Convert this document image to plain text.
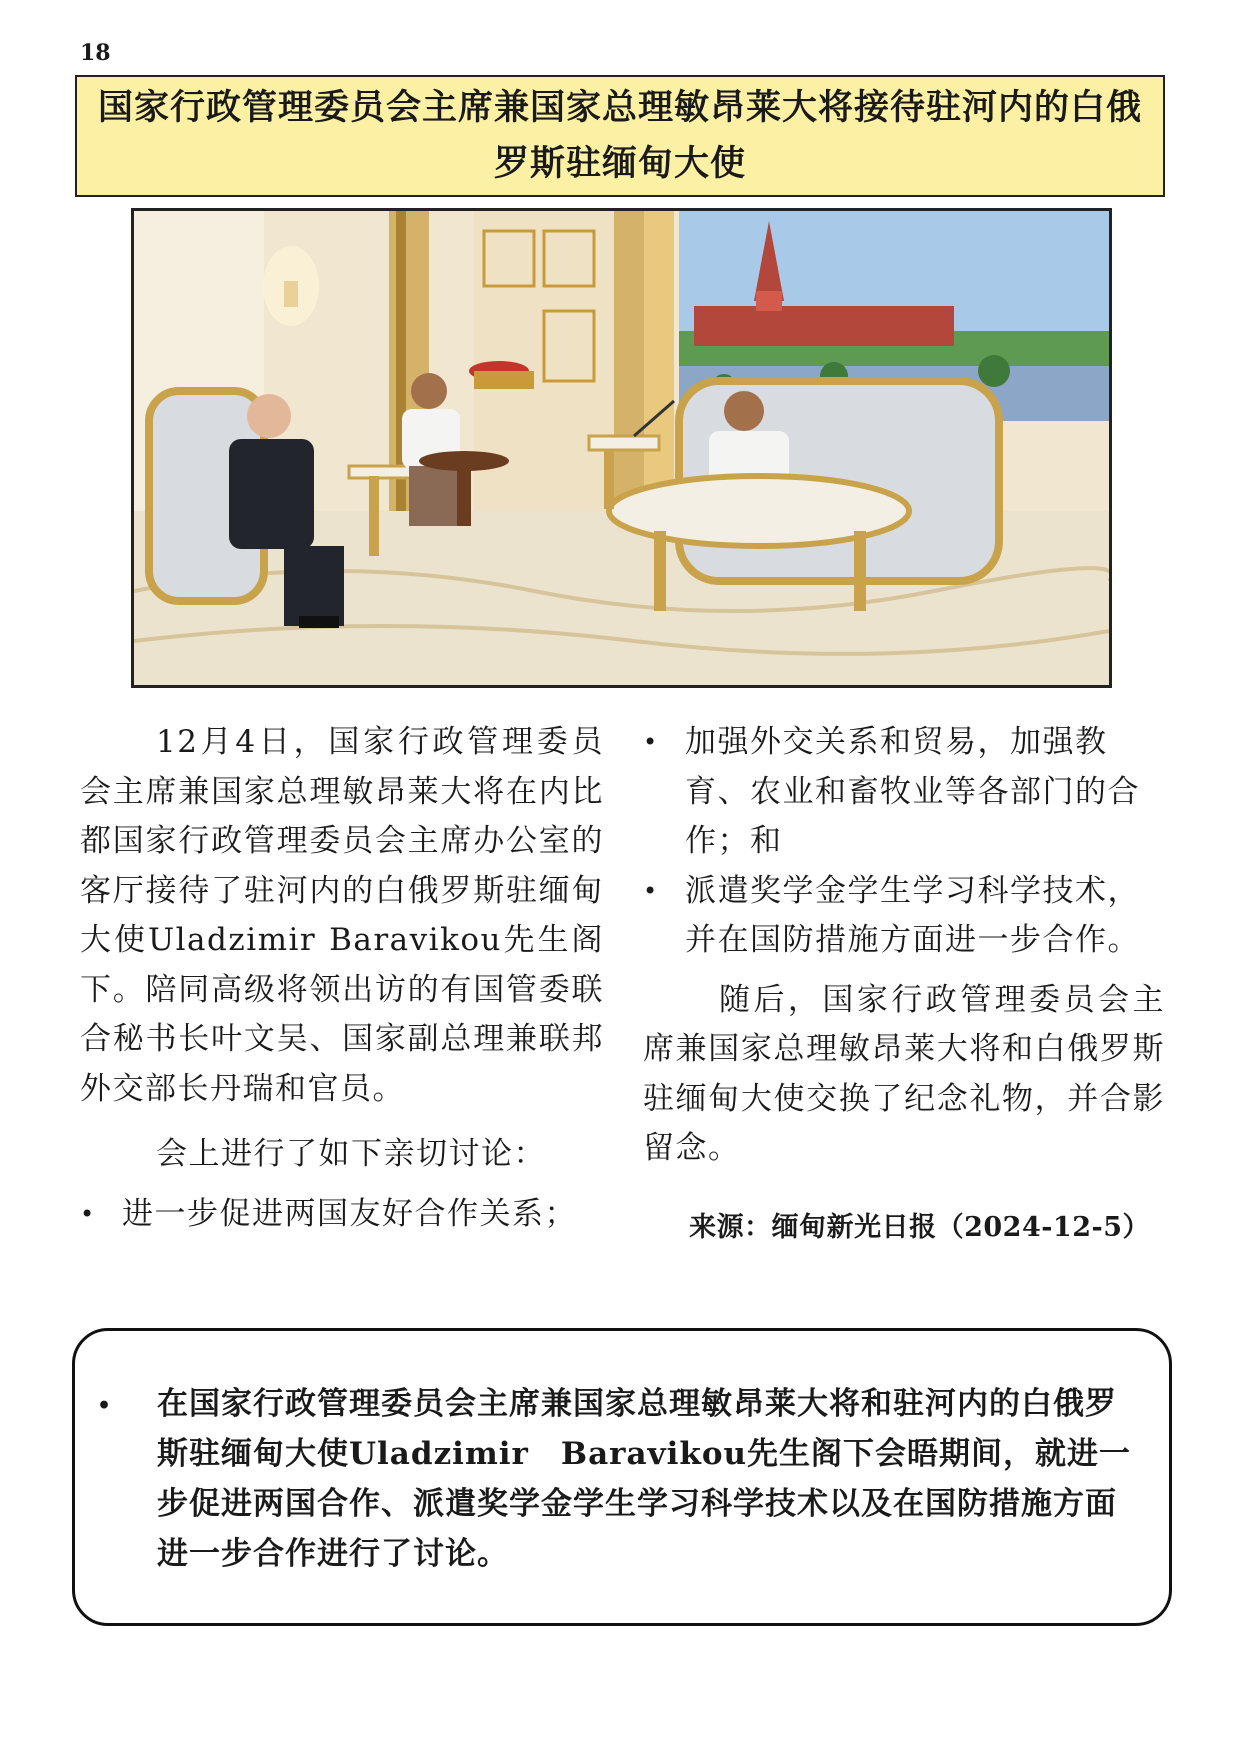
18
国家行政管理委员会主席兼国家总理敏昂莱大将接待驻河内的白俄罗斯驻缅甸大使

12月4日，国家行政管理委员会主席兼国家总理敏昂莱大将在内比都国家行政管理委员会主席办公室的客厅接待了驻河内的白俄罗斯驻缅甸大使Uladzimir Baravikou先生阁下。陪同高级将领出访的有国管委联合秘书长叶文吴、国家副总理兼联邦外交部长丹瑞和官员。

会上进行了如下亲切讨论：

• 进一步促进两国友好合作关系；
• 加强外交关系和贸易，加强教育、农业和畜牧业等各部门的合作；和
• 派遣奖学金学生学习科学技术，并在国防措施方面进一步合作。

随后，国家行政管理委员会主席兼国家总理敏昂莱大将和白俄罗斯驻缅甸大使交换了纪念礼物，并合影留念。

来源：缅甸新光日报（2024-12-5）
• 在国家行政管理委员会主席兼国家总理敏昂莱大将和驻河内的白俄罗斯驻缅甸大使Uladzimir　Baravikou先生阁下会晤期间，就进一步促进两国合作、派遣奖学金学生学习科学技术以及在国防措施方面进一步合作进行了讨论。
